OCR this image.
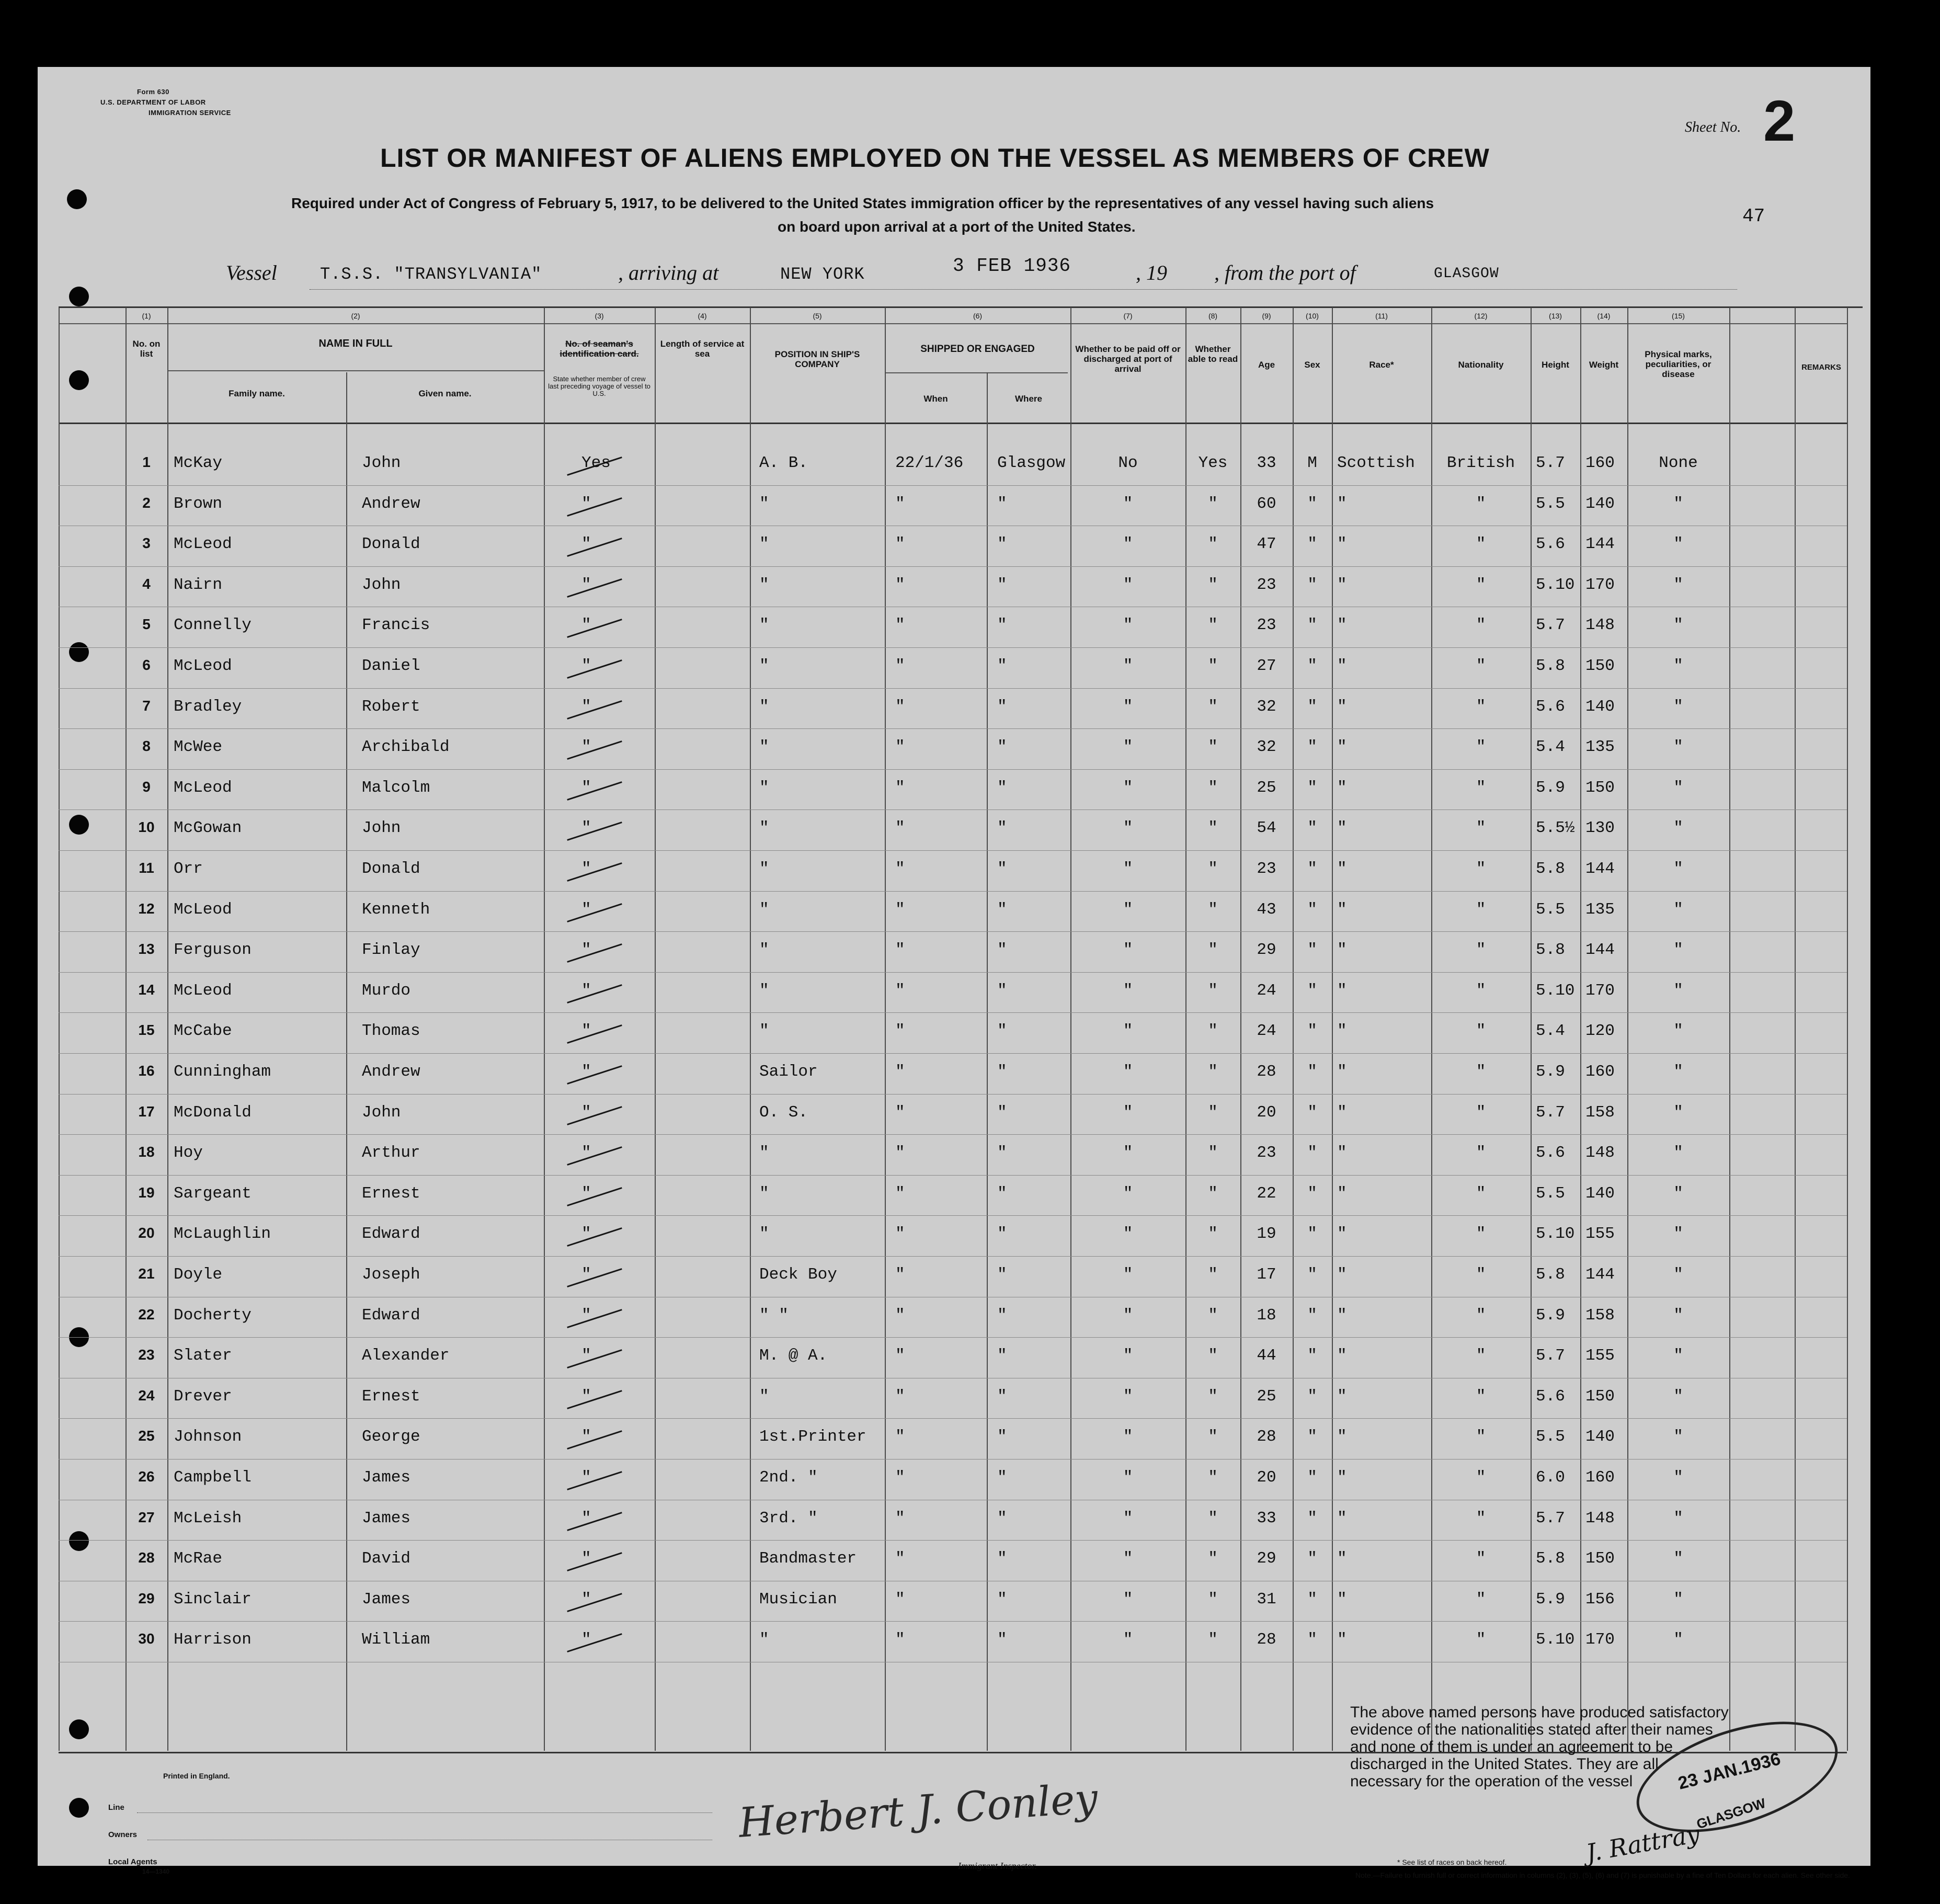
Form 630
U.S. DEPARTMENT OF LABOR
IMMIGRATION SERVICE
Sheet No. 2
LIST OR MANIFEST OF ALIENS EMPLOYED ON THE VESSEL AS MEMBERS OF CREW
Required under Act of Congress of February 5, 1917, to be delivered to the United States immigration officer by the representatives of any vessel having such aliens
on board upon arrival at a port of the United States.	47
Vessel	T.S.S. "TRANSYLVANIA"	, arriving at	NEW YORK	3 FEB 1936	, 19 , from the port of	GLASGOW
(1)	(2)	(3)	(4)	(5)	(6)	(7)	(8)	(9)	(10)	(11)	(12)	(13)	(14)	(15)
No. on list
NAME IN FULL
Family name.	Given name.
No. of seaman's identification card.
State whether member of crew last preceding voyage of vessel to U.S.
Length of service at sea	POSITION IN SHIP'S COMPANY
SHIPPED OR ENGAGED
When	Where
Whether to be paid off or discharged at port of arrival
Whether able to read
Age	Sex	Race*	Nationality	Height	Weight
Physical marks, peculiarities, or disease
REMARKS
1	McKay	John	Yes	A. B.	22/1/36	Glasgow	No	Yes	33	M	Scottish	British	5.7	160	None
2	Brown	Andrew	"	"	"	"	"	"	60	"	"	"	5.5	140	"
3	McLeod	Donald	"	"	"	"	"	"	47	"	"	"	5.6	144	"
4	Nairn	John	"	"	"	"	"	"	23	"	"	"	5.10 170	"
5	Connelly	Francis	"	"	"	"	"	"	23	"	"	"	5.7	148	"
6	McLeod	Daniel	"	"	"	"	"	"	27	"	"	"	5.8	150	"
7	Bradley	Robert	"	"	"	"	"	"	32	"	"	"	5.6	140	"
8	McWee	Archibald	"	"	"	"	"	"	32	"	"	"	5.4	135	"
9	McLeod	Malcolm	"	"	"	"	"	"	25	"	"	"	5.9	150	"
10	McGowan	John	"	"	"	"	"	"	54	"	"	"	5.5½ 130	"
11	Orr	Donald	"	"	"	"	"	"	23	"	"	"	5.8	144	"
12	McLeod	Kenneth	"	"	"	"	"	"	43	"	"	"	5.5	135	"
13	Ferguson	Finlay	"	"	"	"	"	"	29	"	"	"	5.8	144	"
14	McLeod	Murdo	"	"	"	"	"	"	24	"	"	"	5.10 170	"
15	McCabe	Thomas	"	"	"	"	"	"	24	"	"	"	5.4	120	"
16	Cunningham	Andrew	"	Sailor	"	"	"	"	28	"	"	"	5.9	160	"
17	McDonald	John	"	O. S.	"	"	"	"	20	"	"	"	5.7	158	"
18	Hoy	Arthur	"	"	"	"	"	"	23	"	"	"	5.6	148	"
19	Sargeant	Ernest	"	"	"	"	"	"	22	"	"	"	5.5	140	"
20	McLaughlin	Edward	"	"	"	"	"	"	19	"	"	"	5.10 155	"
21	Doyle	Joseph	"	Deck Boy	"	"	"	"	17	"	"	"	5.8	144	"
22	Docherty	Edward	"	" "	"	"	"	"	18	"	"	"	5.9	158	"
23	Slater	Alexander	"	M. @ A.	"	"	"	"	44	"	"	"	5.7	155	"
24	Drever	Ernest	"	"	"	"	"	"	25	"	"	"	5.6	150	"
25	Johnson	George	"	1st.Printer	"	"	"	"	28	"	"	"	5.5	140	"
26	Campbell	James	"	2nd. "	"	"	"	"	20	"	"	"	6.0	160	"
27	McLeish	James	"	3rd. "	"	"	"	"	33	"	"	"	5.7	148	"
28	McRae	David	"	Bandmaster	"	"	"	"	29	"	"	"	5.8	150	"
29	Sinclair	James	"	Musician	"	"	"	"	31	"	"	"	5.9	156	"
30	Harrison	William	"	"	"	"	"	"	28	"	"	"	5.10 170	"
Printed in England.
Line
Owners
Local Agents
14—1340
Herbert J. Conley
Immigrant Inspector.
The above named persons have produced satisfactory evidence of the nationalities stated after their names and none of them is under an agreement to be discharged in the United States. They are all necessary for the operation of the vessel	23 JAN.1936
GLASGOW
J. Rattray
* See list of races on back hereof.
Note.—Failure to furnish full or correct information in columns (2), (3), (5), (6) and (7) is punishable by a fine of Ten Dollars for each alien. See other side.
